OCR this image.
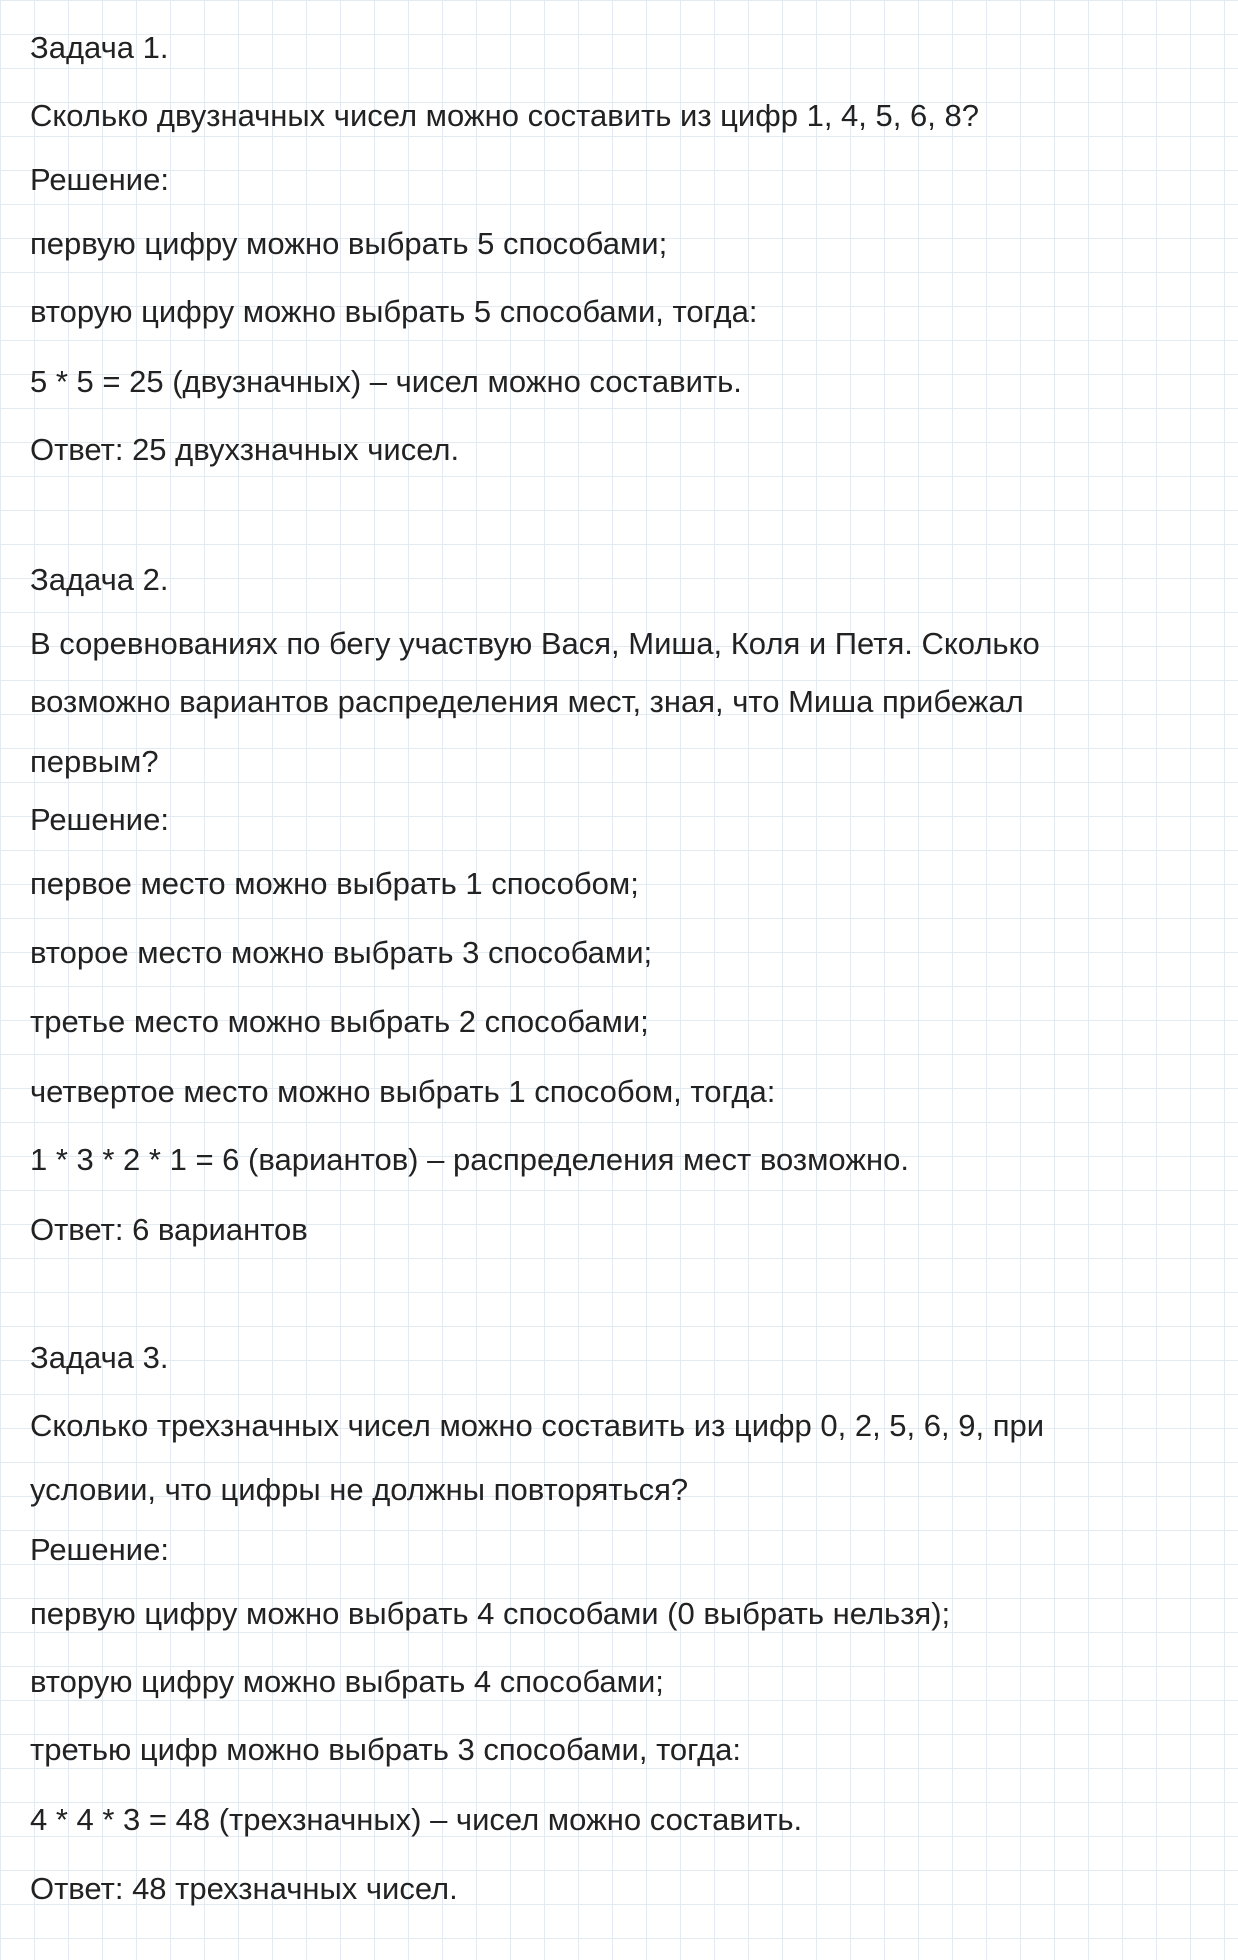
Задача 1.
Сколько двузначных чисел можно составить из цифр 1, 4, 5, 6, 8?
Решение:
первую цифру можно выбрать 5 способами;
вторую цифру можно выбрать 5 способами, тогда:
5 * 5 = 25 (двузначных) – чисел можно составить.
Ответ: 25 двухзначных чисел.
Задача 2.
В соревнованиях по бегу участвую Вася, Миша, Коля и Петя. Сколько
возможно вариантов распределения мест, зная, что Миша прибежал
первым?
Решение:
первое место можно выбрать 1 способом;
второе место можно выбрать 3 способами;
третье место можно выбрать 2 способами;
четвертое место можно выбрать 1 способом, тогда:
1 * 3 * 2 * 1 = 6 (вариантов) – распределения мест возможно.
Ответ: 6 вариантов
Задача 3.
Сколько трехзначных чисел можно составить из цифр 0, 2, 5, 6, 9, при
условии, что цифры не должны повторяться?
Решение:
первую цифру можно выбрать 4 способами (0 выбрать нельзя);
вторую цифру можно выбрать 4 способами;
третью цифр можно выбрать 3 способами, тогда:
4 * 4 * 3 = 48 (трехзначных) – чисел можно составить.
Ответ: 48 трехзначных чисел.
